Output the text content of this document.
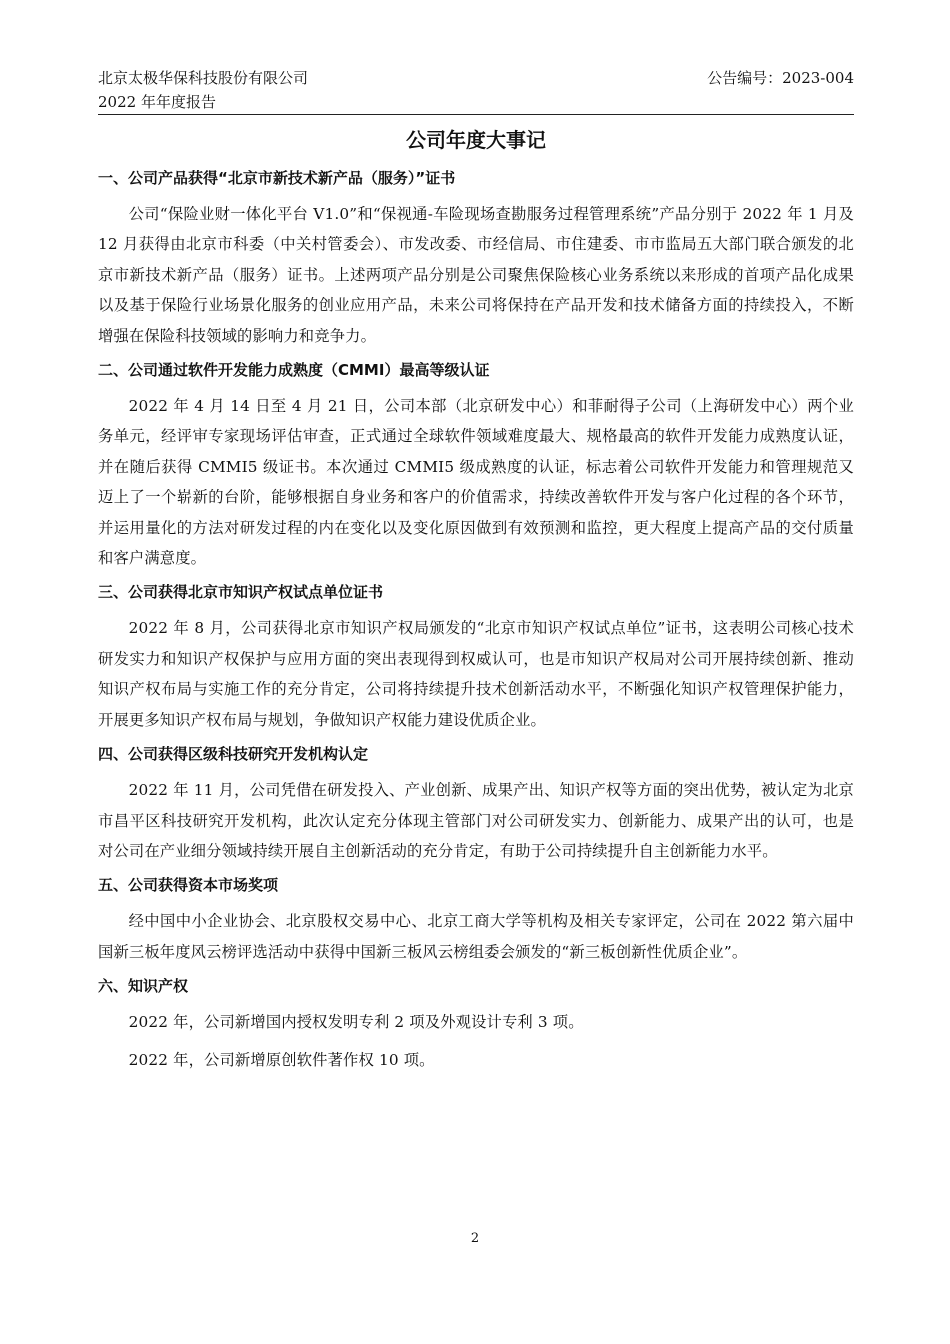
北京太极华保科技股份有限公司
2022 年年度报告
公告编号：2023-004
公司年度大事记
一、公司产品获得“北京市新技术新产品（服务）”证书

公司“保险业财一体化平台 V1.0”和“保视通-车险现场查勘服务过程管理系统”产品分别于 2022 年 1 月及 12 月获得由北京市科委（中关村管委会）、市发改委、市经信局、市住建委、市市监局五大部门联合颁发的北京市新技术新产品（服务）证书。上述两项产品分别是公司聚焦保险核心业务系统以来形成的首项产品化成果以及基于保险行业场景化服务的创业应用产品，未来公司将保持在产品开发和技术储备方面的持续投入，不断增强在保险科技领域的影响力和竞争力。

二、公司通过软件开发能力成熟度（CMMI）最高等级认证

2022 年 4 月 14 日至 4 月 21 日，公司本部（北京研发中心）和菲耐得子公司（上海研发中心）两个业务单元，经评审专家现场评估审查，正式通过全球软件领域难度最大、规格最高的软件开发能力成熟度认证，并在随后获得 CMMI5 级证书。本次通过 CMMI5 级成熟度的认证，标志着公司软件开发能力和管理规范又迈上了一个崭新的台阶，能够根据自身业务和客户的价值需求，持续改善软件开发与客户化过程的各个环节，并运用量化的方法对研发过程的内在变化以及变化原因做到有效预测和监控，更大程度上提高产品的交付质量和客户满意度。

三、公司获得北京市知识产权试点单位证书

2022 年 8 月，公司获得北京市知识产权局颁发的“北京市知识产权试点单位”证书，这表明公司核心技术研发实力和知识产权保护与应用方面的突出表现得到权威认可，也是市知识产权局对公司开展持续创新、推动知识产权布局与实施工作的充分肯定，公司将持续提升技术创新活动水平，不断强化知识产权管理保护能力，开展更多知识产权布局与规划，争做知识产权能力建设优质企业。

四、公司获得区级科技研究开发机构认定

2022 年 11 月，公司凭借在研发投入、产业创新、成果产出、知识产权等方面的突出优势，被认定为北京市昌平区科技研究开发机构，此次认定充分体现主管部门对公司研发实力、创新能力、成果产出的认可，也是对公司在产业细分领域持续开展自主创新活动的充分肯定，有助于公司持续提升自主创新能力水平。

五、公司获得资本市场奖项

经中国中小企业协会、北京股权交易中心、北京工商大学等机构及相关专家评定，公司在 2022 第六届中国新三板年度风云榜评选活动中获得中国新三板风云榜组委会颁发的“新三板创新性优质企业”。

六、知识产权

2022 年，公司新增国内授权发明专利 2 项及外观设计专利 3 项。

2022 年，公司新增原创软件著作权 10 项。

2
